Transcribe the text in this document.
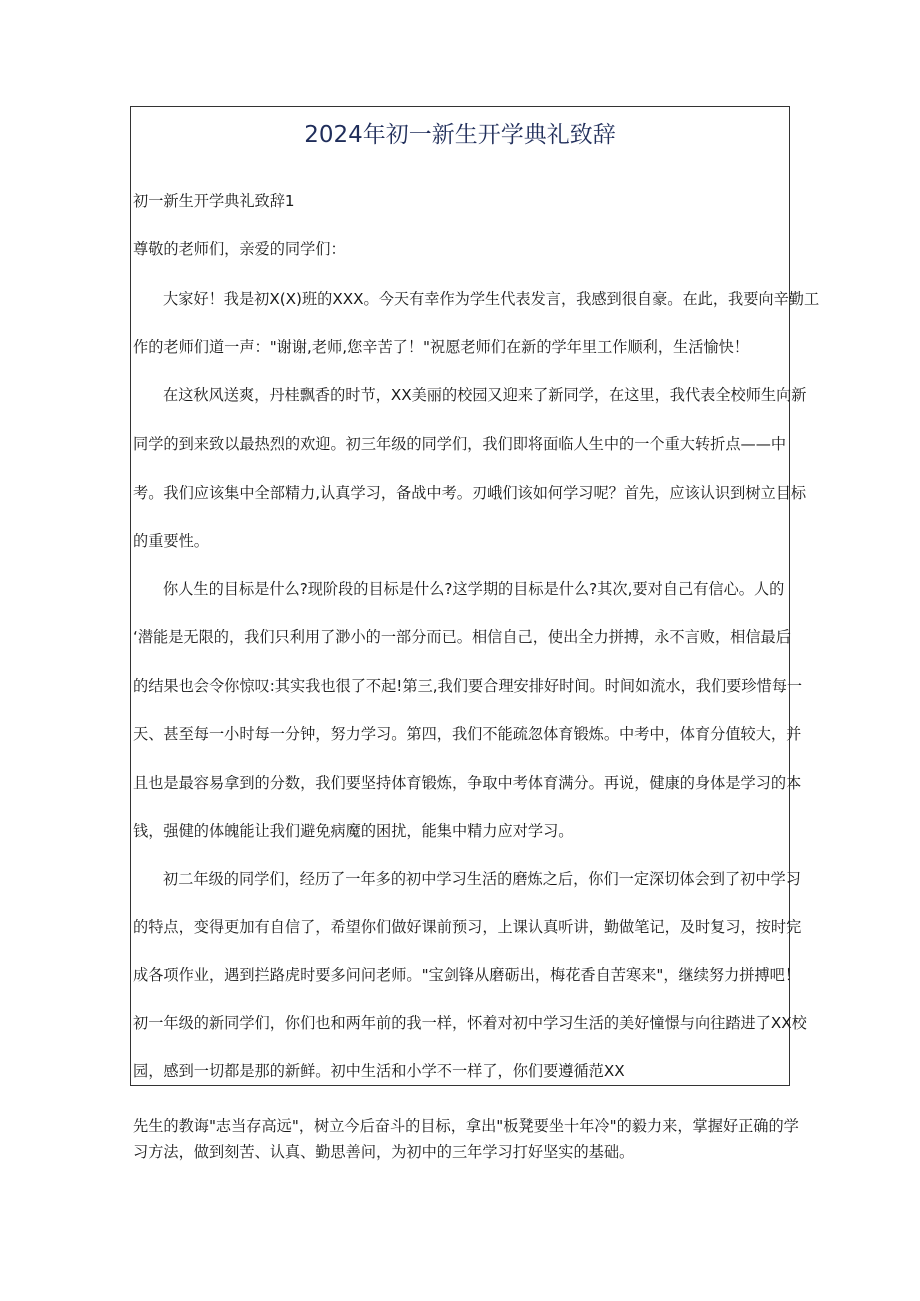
2024年初一新生开学典礼致辞
初一新生开学典礼致辞1
尊敬的老师们，亲爱的同学们：
大家好！我是初X(X)班的XXX。今天有幸作为学生代表发言，我感到很自豪。在此，我要向辛勤工
作的老师们道一声："谢谢,老师,您辛苦了！"祝愿老师们在新的学年里工作顺利，生活愉快！
在这秋风送爽，丹桂飘香的时节，XX美丽的校园又迎来了新同学，在这里，我代表全校师生向新
同学的到来致以最热烈的欢迎。初三年级的同学们，我们即将面临人生中的一个重大转折点——中
考。我们应该集中全部精力,认真学习，备战中考。刃峨们该如何学习呢？首先，应该认识到树立目标
的重要性。
你人生的目标是什么?现阶段的目标是什么?这学期的目标是什么?其次,要对自己有信心。人的
‘潜能是无限的，我们只利用了渺小的一部分而已。相信自己，使出全力拼搏，永不言败，相信最后
的结果也会令你惊叹:其实我也很了不起!第三,我们要合理安排好时间。时间如流水，我们要珍惜每一
天、甚至每一小时每一分钟，努力学习。第四，我们不能疏忽体育锻炼。中考中，体育分值较大，并
且也是最容易拿到的分数，我们要坚持体育锻炼，争取中考体育满分。再说，健康的身体是学习的本
钱，强健的体魄能让我们避免病魔的困扰，能集中精力应对学习。
初二年级的同学们，经历了一年多的初中学习生活的磨炼之后，你们一定深切体会到了初中学习
的特点，变得更加有自信了，希望你们做好课前预习，上课认真听讲，勤做笔记，及时复习，按时完
成各项作业，遇到拦路虎时要多问问老师。"宝剑锋从磨砺出，梅花香自苦寒来"，继续努力拼搏吧！
初一年级的新同学们，你们也和两年前的我一样，怀着对初中学习生活的美好憧憬与向往踏进了XX校
园，感到一切都是那的新鲜。初中生活和小学不一样了，你们要遵循范XX
先生的教诲"志当存高远"，树立今后奋斗的目标，拿出"板凳要坐十年冷"的毅力来，掌握好正确的学
习方法，做到刻苦、认真、勤思善问，为初中的三年学习打好坚实的基础。
